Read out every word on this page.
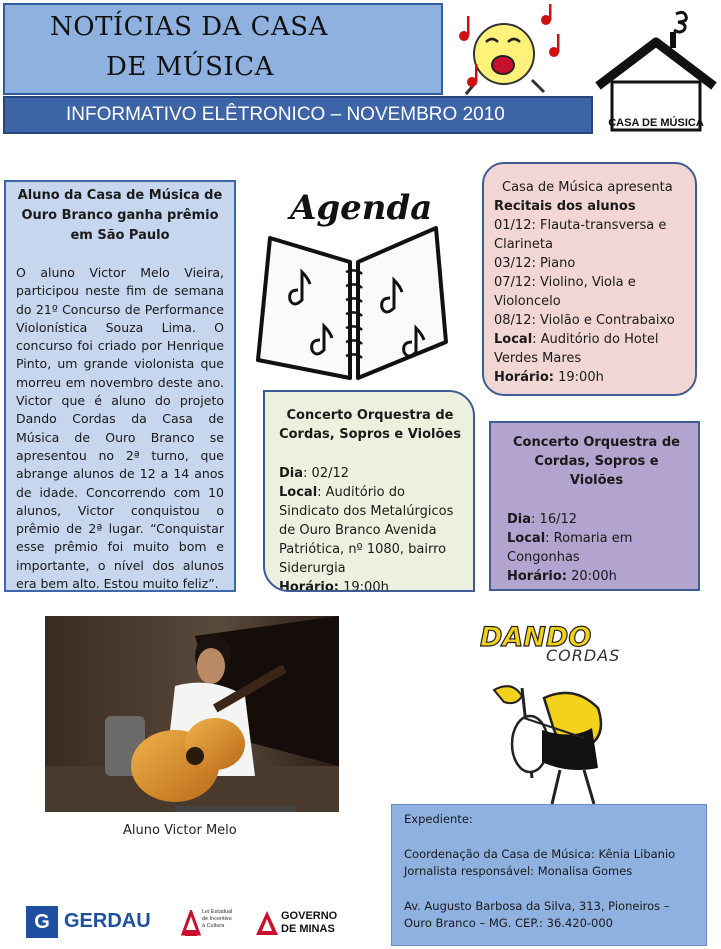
NOTÍCIAS DA CASA
DE MÚSICA
INFORMATIVO ELÊTRONICO – NOVEMBRO 2010	CASA DE MÚSICA
Aluno da Casa de Música de Ouro Branco ganha prêmio em São Paulo
O aluno Victor Melo Vieira, participou neste fim de semana do 21º Concurso de Performance Violonística Souza Lima. O concurso foi criado por Henrique Pinto, um grande violonista que morreu em novembro deste ano. Victor que é aluno do projeto Dando Cordas da Casa de Música de Ouro Branco se apresentou no 2ª turno, que abrange alunos de 12 a 14 anos de idade. Concorrendo com 10 alunos, Victor conquistou o prêmio de 2ª lugar. “Conquistar esse prêmio foi muito bom e importante, o nível dos alunos era bem alto. Estou muito feliz”.
Agenda
Casa de Música apresenta
Recitais dos alunos
01/12: Flauta-transversa e Clarineta
03/12: Piano
07/12: Violino, Viola e Violoncelo
08/12: Violão e Contrabaixo
Local: Auditório do Hotel Verdes Mares
Horário: 19:00h
Concerto Orquestra de Cordas, Sopros e Violões
Dia: 02/12
Local: Auditório do Sindicato dos Metalúrgicos de Ouro Branco Avenida Patriótica, nº 1080, bairro Siderurgia
Horário: 19:00h
Concerto Orquestra de Cordas, Sopros e Violões
Dia: 16/12
Local: Romaria em Congonhas
Horário: 20:00h
Aluno Victor Melo
DANDO
CORDAS
Expediente:
Coordenação da Casa de Música: Kênia Libanio
Jornalista responsável: Monalisa Gomes
Av. Augusto Barbosa da Silva, 313, Pioneiros – Ouro Branco – MG. CEP.: 36.420-000
G GERDAU	Lei Estadual
de Incentivo
à Cultura
GOVERNO
DE MINAS
